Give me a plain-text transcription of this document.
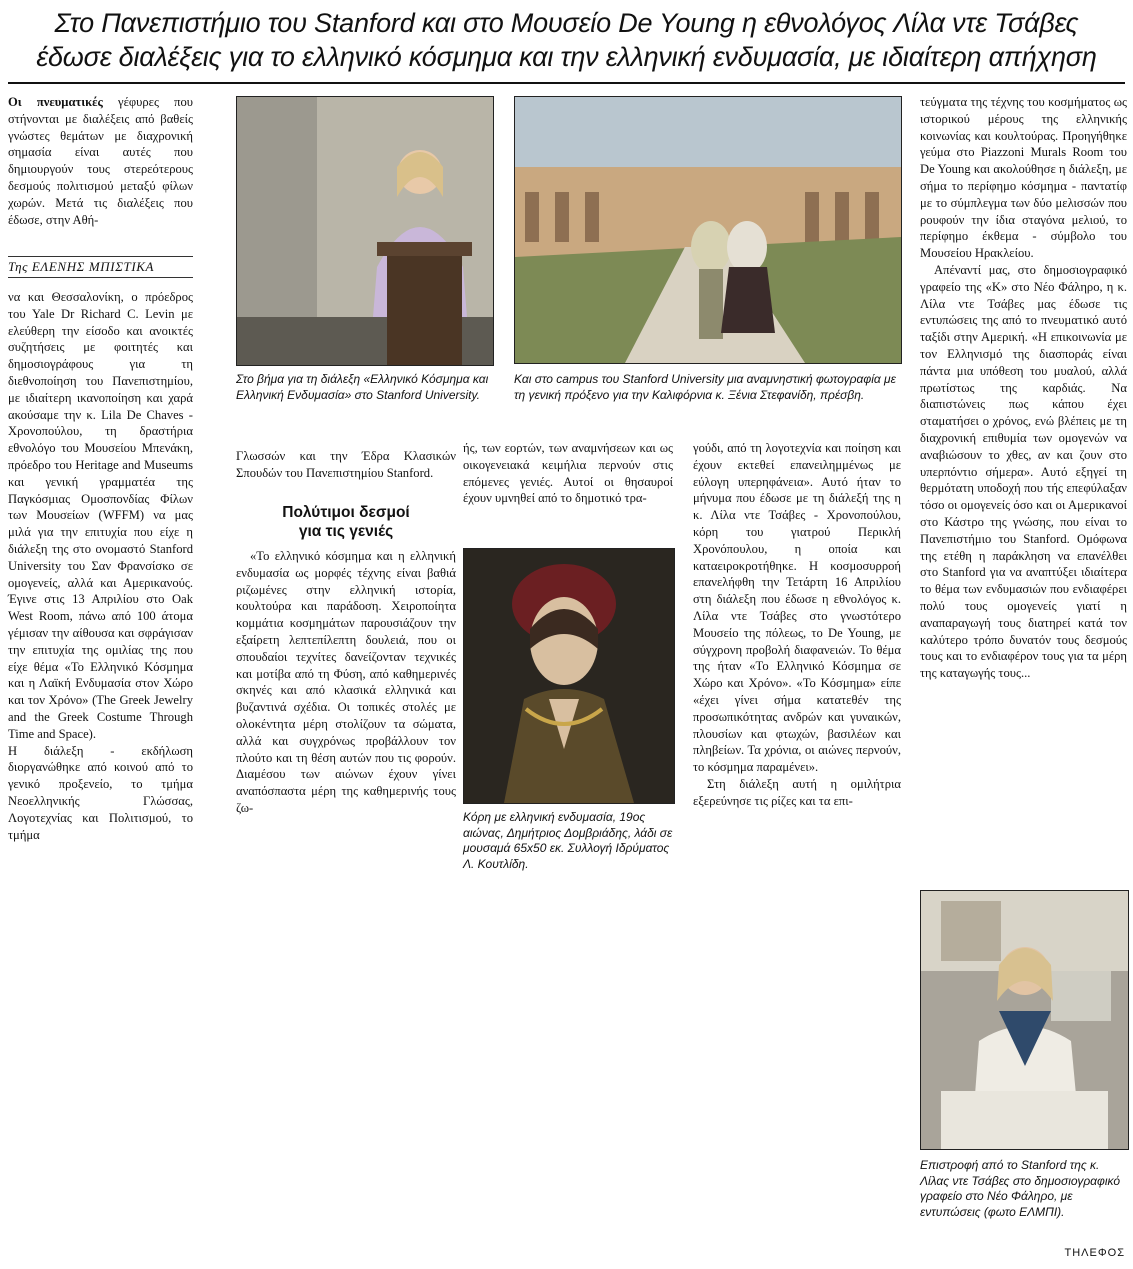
Στο Πανεπιστήμιο του Stanford και στο Μουσείο De Young η εθνολόγος Λίλα ντε Τσάβες
έδωσε διαλέξεις για το ελληνικό κόσμημα και την ελληνική ενδυμασία, με ιδιαίτερη απήχηση

Οι πνευματικές γέφυρες που στήνονται με διαλέξεις από βαθείς γνώστες θεμάτων με διαχρονική σημασία είναι αυτές που δημιουργούν τους στερεότερους δεσμούς πολιτισμού μεταξύ φίλων χωρών. Μετά τις διαλέξεις που έδωσε, στην Αθή-

Της ΕΛΕΝΗΣ ΜΠΙΣΤΙΚΑ

να και Θεσσαλονίκη, ο πρόεδρος του Yale Dr Richard C. Levin με ελεύθερη την είσοδο και ανοικτές συζητήσεις με φοιτητές και δημοσιογράφους για τη διεθνοποίηση του Πανεπιστημίου, με ιδιαίτερη ικανοποίηση και χαρά ακούσαμε την κ. Lila De Chaves - Χρονοπούλου, τη δραστήρια εθνολόγο του Μουσείου Μπενάκη, πρόεδρο του Heritage and Museums και γενική γραμματέα της Παγκόσμιας Ομοσπονδίας Φίλων των Μουσείων (WFFM) να μας μιλά για την επιτυχία που είχε η διάλεξη της στο ονομαστό Stanford University του Σαν Φρανσίσκο σε ομογενείς, αλλά και Αμερικανούς. Έγινε στις 13 Απριλίου στο Oak West Room, πάνω από 100 άτομα γέμισαν την αίθουσα και σφράγισαν την επιτυχία της ομιλίας της που είχε θέμα «Το Ελληνικό Κόσμημα και η Λαϊκή Ενδυμασία στον Χώρο και τον Χρόνο» (The Greek Jewelry and the Greek Costume Through Time and Space).

Η διάλεξη - εκδήλωση διοργανώθηκε από κοινού από το γενικό προξενείο, το τμήμα Νεοελληνικής Γλώσσας, Λογοτεχνίας και Πολιτισμού, το τμήμα

Στο βήμα για τη διάλεξη «Ελληνικό Κόσμημα και Ελληνική Ενδυμασία» στο Stanford University.
Και στο campus του Stanford University μια αναμνηστική φωτογραφία με τη γενική πρόξενο για την Καλιφόρνια κ. Ξένια Στεφανίδη, πρέσβη.

Γλωσσών και την Έδρα Κλασικών Σπουδών του Πανεπιστημίου Stanford.

Πολύτιμοι δεσμοί
για τις γενιές

«Το ελληνικό κόσμημα και η ελληνική ενδυμασία ως μορφές τέχνης είναι βαθιά ριζωμένες στην ελληνική ιστορία, κουλτούρα και παράδοση. Χειροποίητα κομμάτια κοσμημάτων παρουσιάζουν την εξαίρετη λεπτεπίλεπτη δουλειά, που οι σπουδαίοι τεχνίτες δανείζονταν τεχνικές και μοτίβα από τη Φύση, από καθημερινές σκηνές και από κλασικά ελληνικά και βυζαντινά σχέδια. Οι τοπικές στολές με ολοκέντητα μέρη στολίζουν τα σώματα, αλλά και συγχρόνως προβάλλουν τον πλούτο και τη θέση αυτών που τις φορούν. Διαμέσου των αιώνων έχουν γίνει αναπόσπαστα μέρη της καθημερινής τους ζω-

ής, των εορτών, των αναμνήσεων και ως οικογενειακά κειμήλια περνούν στις επόμενες γενιές. Αυτοί οι θησαυροί έχουν υμνηθεί από το δημοτικό τρα-

Κόρη με ελληνική ενδυμασία, 19ος αιώνας, Δημήτριος Δομβριάδης, λάδι σε μουσαμά 65x50 εκ. Συλλογή Ιδρύματος Λ. Κουτλίδη.

γούδι, από τη λογοτεχνία και ποίηση και έχουν εκτεθεί επανειλημμένως με εύλογη υπερηφάνεια». Αυτό ήταν το μήνυμα που έδωσε με τη διάλεξή της η κ. Λίλα ντε Τσάβες - Χρονοπούλου, κόρη του γιατρού Περικλή Χρονόπουλου, η οποία και καταειροκροτήθηκε. Η κοσμοσυρροή επανελήφθη την Τετάρτη 16 Απριλίου στη διάλεξη που έδωσε η εθνολόγος κ. Λίλα ντε Τσάβες στο γνωστότερο Μουσείο της πόλεως, το De Young, με σύγχρονη προβολή διαφανειών. Το θέμα της ήταν «Το Ελληνικό Κόσμημα σε Χώρο και Χρόνο». «Το Κόσμημα» είπε «έχει γίνει σήμα κατατεθέν της προσωπικότητας ανδρών και γυναικών, πλουσίων και φτωχών, βασιλέων και πληβείων. Τα χρόνια, οι αιώνες περνούν, το κόσμημα παραμένει».

Στη διάλεξη αυτή η ομιλήτρια εξερεύνησε τις ρίζες και τα επι-

τεύγματα της τέχνης του κοσμήματος ως ιστορικού μέρους της ελληνικής κοινωνίας και κουλτούρας. Προηγήθηκε γεύμα στο Piazzoni Murals Room του De Young και ακολούθησε η διάλεξη, με σήμα το περίφημο κόσμημα - παντατίφ με το σύμπλεγμα των δύο μελισσών που ρουφούν την ίδια σταγόνα μελιού, το περίφημο έκθεμα - σύμβολο του Μουσείου Ηρακλείου.

Απέναντί μας, στο δημοσιογραφικό γραφείο της «Κ» στο Νέο Φάληρο, η κ. Λίλα ντε Τσάβες μας έδωσε τις εντυπώσεις της από το πνευματικό αυτό ταξίδι στην Αμερική. «Η επικοινωνία με τον Ελληνισμό της διασποράς είναι πάντα μια υπόθεση του μυαλού, αλλά πρωτίστως της καρδιάς. Να διαπιστώνεις πως κάπου έχει σταματήσει ο χρόνος, ενώ βλέπεις με τη διαχρονική επιθυμία των ομογενών να αναβιώσουν το χθες, αν και ζουν στο υπερπόντιο σήμερα». Αυτό εξηγεί τη θερμότατη υποδοχή που τής επεφύλαξαν τόσο οι ομογενείς όσο και οι Αμερικανοί στο Κάστρο της γνώσης, που είναι το Πανεπιστήμιο του Stanford. Ομόφωνα της ετέθη η παράκληση να επανέλθει στο Stanford για να αναπτύξει ιδιαίτερα το θέμα των ενδυμασιών που ενδιαφέρει πολύ τους ομογενείς γιατί η αναπαραγωγή τους διατηρεί κατά τον καλύτερο τρόπο δυνατόν τους δεσμούς τους και το ενδιαφέρον τους για τα μέρη της καταγωγής τους...

Επιστροφή από το Stanford της κ. Λίλας ντε Τσάβες στο δημοσιογραφικό γραφείο στο Νέο Φάληρο, με εντυπώσεις (φωτο ΕΛΜΠΙ).
ΤΗΛΕΦΟΣ
